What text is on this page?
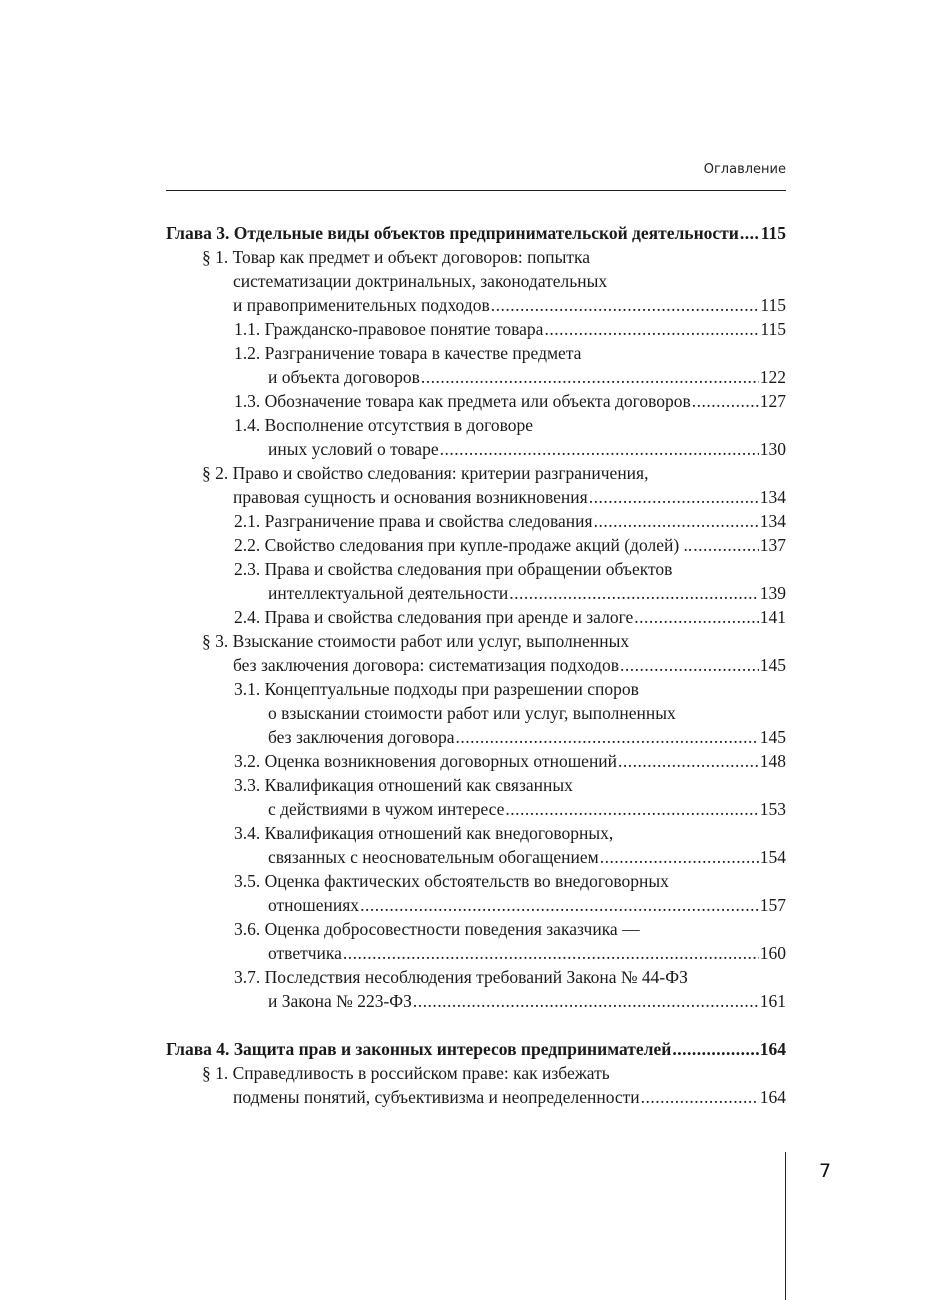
Оглавление
Глава 3. Отдельные виды объектов предпринимательской деятельности ..... 115
§ 1. Товар как предмет и объект договоров: попытка
систематизации доктринальных, законодательных
и правоприменительных подходов .....	115
1.1. Гражданско-правовое понятие товара .....	115
1.2. Разграничение товара в качестве предмета
и объекта договоров .....	122
1.3. Обозначение товара как предмета или объекта договоров .....	127
1.4. Восполнение отсутствия в договоре
иных условий о товаре .....	130
§ 2. Право и свойство следования: критерии разграничения,
правовая сущность и основания возникновения .....	134
2.1. Разграничение права и свойства следования .....	134
2.2. Свойство следования при купле-продаже акций (долей) .. .....	137
2.3. Права и свойства следования при обращении объектов
интеллектуальной деятельности .....	139
2.4. Права и свойства следования при аренде и залоге .....	141
§ 3. Взыскание стоимости работ или услуг, выполненных
без заключения договора: систематизация подходов .....	145
3.1. Концептуальные подходы при разрешении споров
о взыскании стоимости работ или услуг, выполненных
без заключения договора .....	145
3.2. Оценка возникновения договорных отношений .....	148
3.3. Квалификация отношений как связанных
с действиями в чужом интересе .....	153
3.4. Квалификация отношений как внедоговорных,
связанных с неосновательным обогащением .....	154
3.5. Оценка фактических обстоятельств во внедоговорных
отношениях .....	157
3.6. Оценка добросовестности поведения заказчика —
ответчика .....	160
3.7. Последствия несоблюдения требований Закона № 44-ФЗ
и Закона № 223-ФЗ .....	161
Глава 4. Защита прав и законных интересов предпринимателей .....	164
§ 1. Справедливость в российском праве: как избежать
подмены понятий, субъективизма и неопределенности .....	164
7
